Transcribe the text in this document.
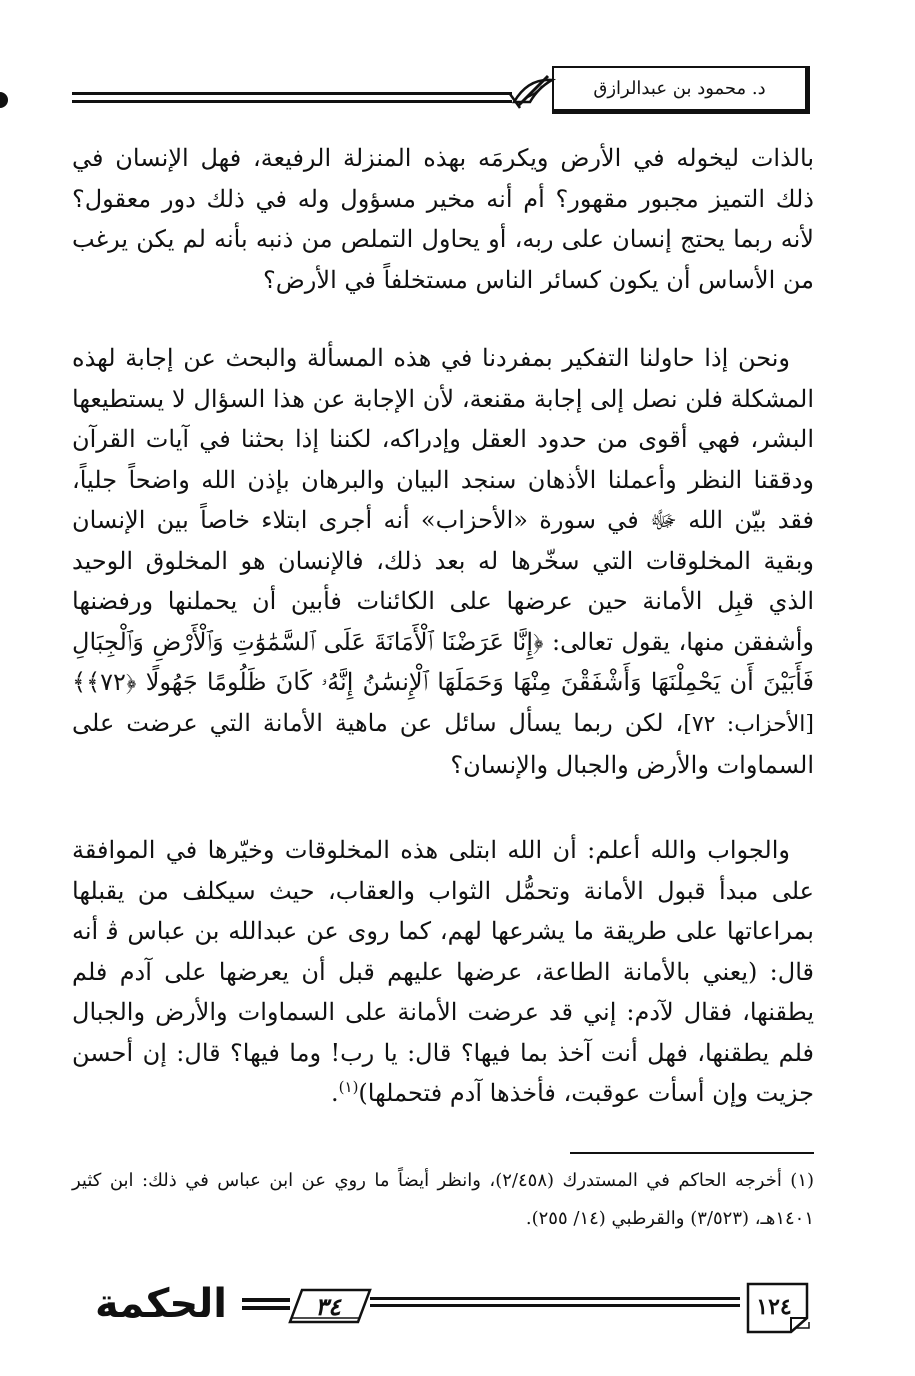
د. محمود بن عبدالرازق

بالذات ليخوله في الأرض ويكرمَه بهذه المنزلة الرفيعة، فهل الإنسان في ذلك التميز مجبور مقهور؟ أم أنه مخير مسؤول وله في ذلك دور معقول؟ لأنه ربما يحتج إنسان على ربه، أو يحاول التملص من ذنبه بأنه لم يكن يرغب من الأساس أن يكون كسائر الناس مستخلفاً في الأرض؟

 ونحن إذا حاولنا التفكير بمفردنا في هذه المسألة والبحث عن إجابة لهذه المشكلة فلن نصل إلى إجابة مقنعة، لأن الإجابة عن هذا السؤال لا يستطيعها البشر، فهي أقوى من حدود العقل وإدراكه، لكننا إذا بحثنا في آيات القرآن ودققنا النظر وأعملنا الأذهان سنجد البيان والبرهان بإذن الله واضحاً جلياً، فقد بيّن الله ﷻ في سورة «الأحزاب» أنه أجرى ابتلاء خاصاً بين الإنسان وبقية المخلوقات التي سخّرها له بعد ذلك، فالإنسان هو المخلوق الوحيد الذي قبِل الأمانة حين عرضها على الكائنات فأبين أن يحملنها ورفضنها وأشفقن منها، يقول تعالى: ﴿إِنَّا عَرَضْنَا ٱلْأَمَانَةَ عَلَى ٱلسَّمَٰوَٰتِ وَٱلْأَرْضِ وَٱلْجِبَالِ فَأَبَيْنَ أَن يَحْمِلْنَهَا وَأَشْفَقْنَ مِنْهَا وَحَمَلَهَا ٱلْإِنسَٰنُ إِنَّهُۥ كَانَ ظَلُومًا جَهُولًا ﴿٧٢﴾﴾ [الأحزاب: ٧٢]، لكن ربما يسأل سائل عن ماهية الأمانة التي عرضت على السماوات والأرض والجبال والإنسان؟

 والجواب والله أعلم: أن الله ابتلى هذه المخلوقات وخيّرها في الموافقة على مبدأ قبول الأمانة وتحمُّل الثواب والعقاب، حيث سيكلف من يقبلها بمراعاتها على طريقة ما يشرعها لهم، كما روى عن عبدالله بن عباس ﭬ أنه قال: (يعني بالأمانة الطاعة، عرضها عليهم قبل أن يعرضها على آدم فلم يطقنها، فقال لآدم: إني قد عرضت الأمانة على السماوات والأرض والجبال فلم يطقنها، فهل أنت آخذ بما فيها؟ قال: يا رب! وما فيها؟ قال: إن أحسن جزيت وإن أسأت عوقبت، فأخذها آدم فتحملها)$^{(١)}$.

(١) أخرجه الحاكم في المستدرك (٢/٤٥٨)، وانظر أيضاً ما روي عن ابن عباس في ذلك: ابن كثير ١٤٠١هـ، (٣/٥٢٣) والقرطبي (١٤/ ٢٥٥).
٣٤	١٢٤
الحكمة
